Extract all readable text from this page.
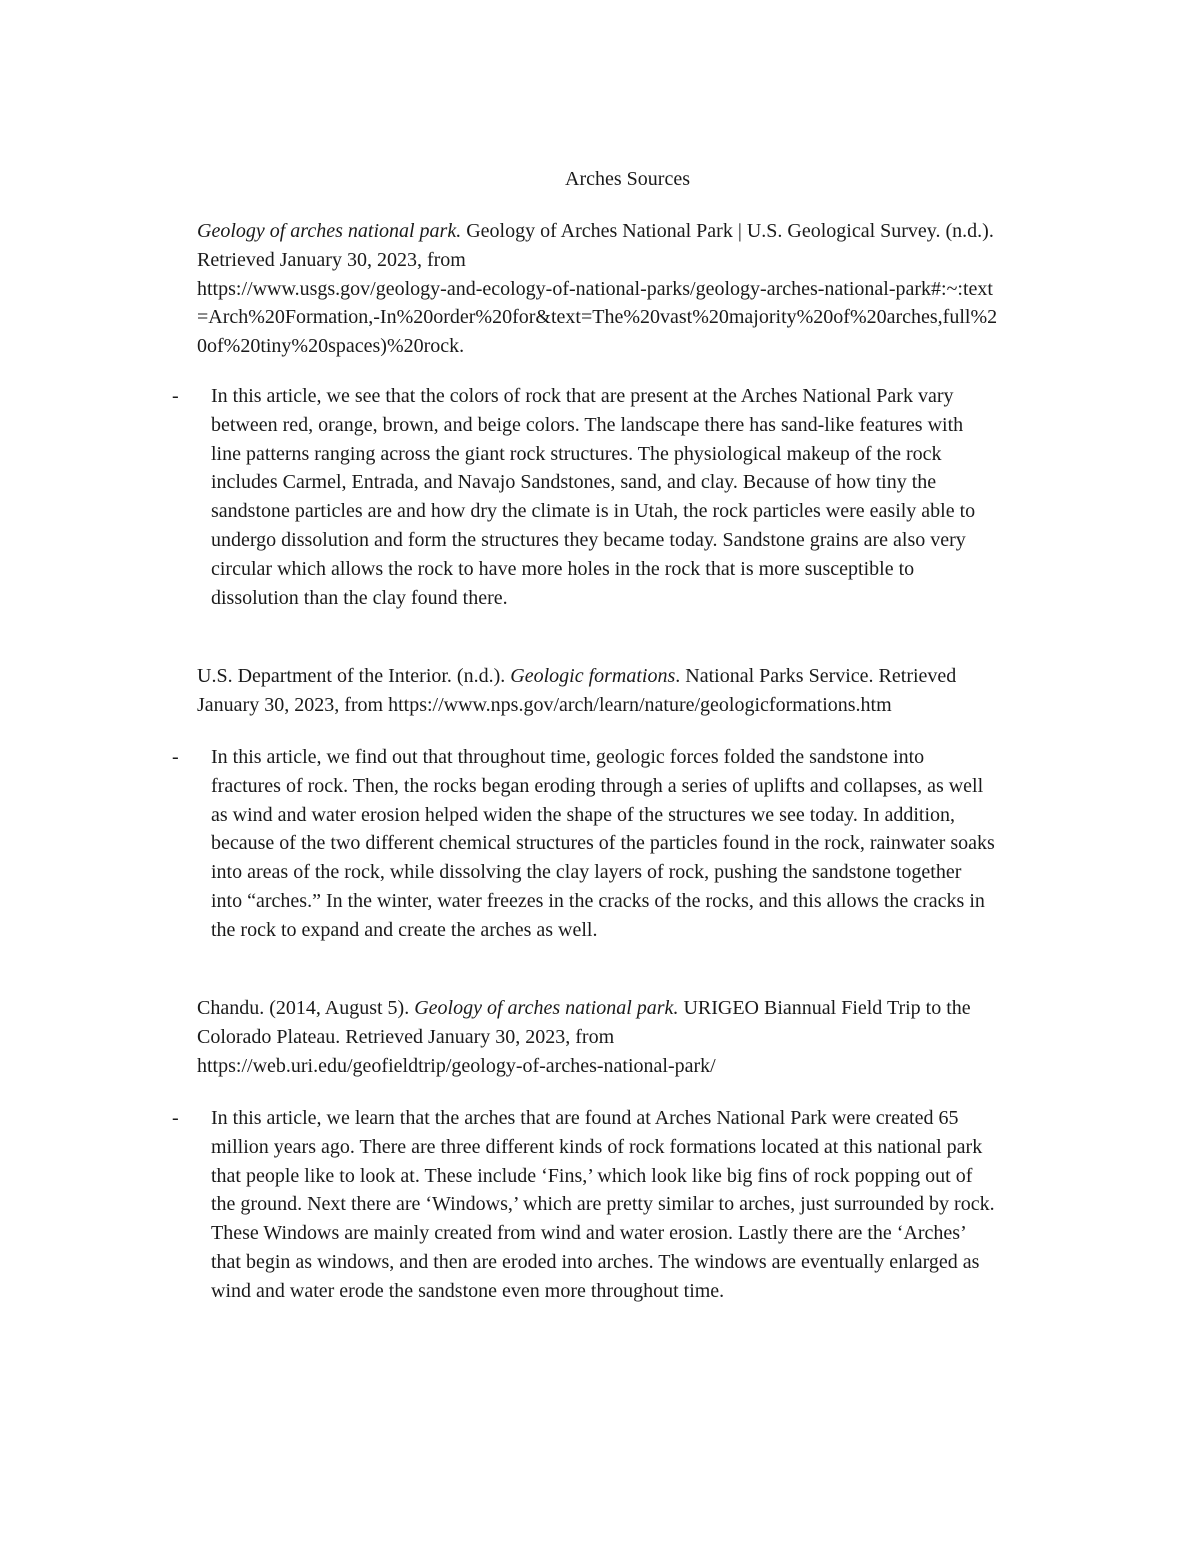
Arches Sources
Geology of arches national park. Geology of Arches National Park | U.S. Geological Survey. (n.d.).
Retrieved January 30, 2023, from
https://www.usgs.gov/geology-and-ecology-of-national-parks/geology-arches-national-park#:~:text
=Arch%20Formation,-In%20order%20for&text=The%20vast%20majority%20of%20arches,full%2
0of%20tiny%20spaces)%20rock.
-	In this article, we see that the colors of rock that are present at the Arches National Park vary
between red, orange, brown, and beige colors. The landscape there has sand-like features with
line patterns ranging across the giant rock structures. The physiological makeup of the rock
includes Carmel, Entrada, and Navajo Sandstones, sand, and clay. Because of how tiny the
sandstone particles are and how dry the climate is in Utah, the rock particles were easily able to
undergo dissolution and form the structures they became today. Sandstone grains are also very
circular which allows the rock to have more holes in the rock that is more susceptible to
dissolution than the clay found there.
U.S. Department of the Interior. (n.d.). Geologic formations. National Parks Service. Retrieved
January 30, 2023, from https://www.nps.gov/arch/learn/nature/geologicformations.htm
-	In this article, we find out that throughout time, geologic forces folded the sandstone into
fractures of rock. Then, the rocks began eroding through a series of uplifts and collapses, as well
as wind and water erosion helped widen the shape of the structures we see today. In addition,
because of the two different chemical structures of the particles found in the rock, rainwater soaks
into areas of the rock, while dissolving the clay layers of rock, pushing the sandstone together
into “arches.” In the winter, water freezes in the cracks of the rocks, and this allows the cracks in
the rock to expand and create the arches as well.
Chandu. (2014, August 5). Geology of arches national park. URIGEO Biannual Field Trip to the
Colorado Plateau. Retrieved January 30, 2023, from
https://web.uri.edu/geofieldtrip/geology-of-arches-national-park/
-	In this article, we learn that the arches that are found at Arches National Park were created 65
million years ago. There are three different kinds of rock formations located at this national park
that people like to look at. These include ‘Fins,’ which look like big fins of rock popping out of
the ground. Next there are ‘Windows,’ which are pretty similar to arches, just surrounded by rock.
These Windows are mainly created from wind and water erosion. Lastly there are the ‘Arches’
that begin as windows, and then are eroded into arches. The windows are eventually enlarged as
wind and water erode the sandstone even more throughout time.
